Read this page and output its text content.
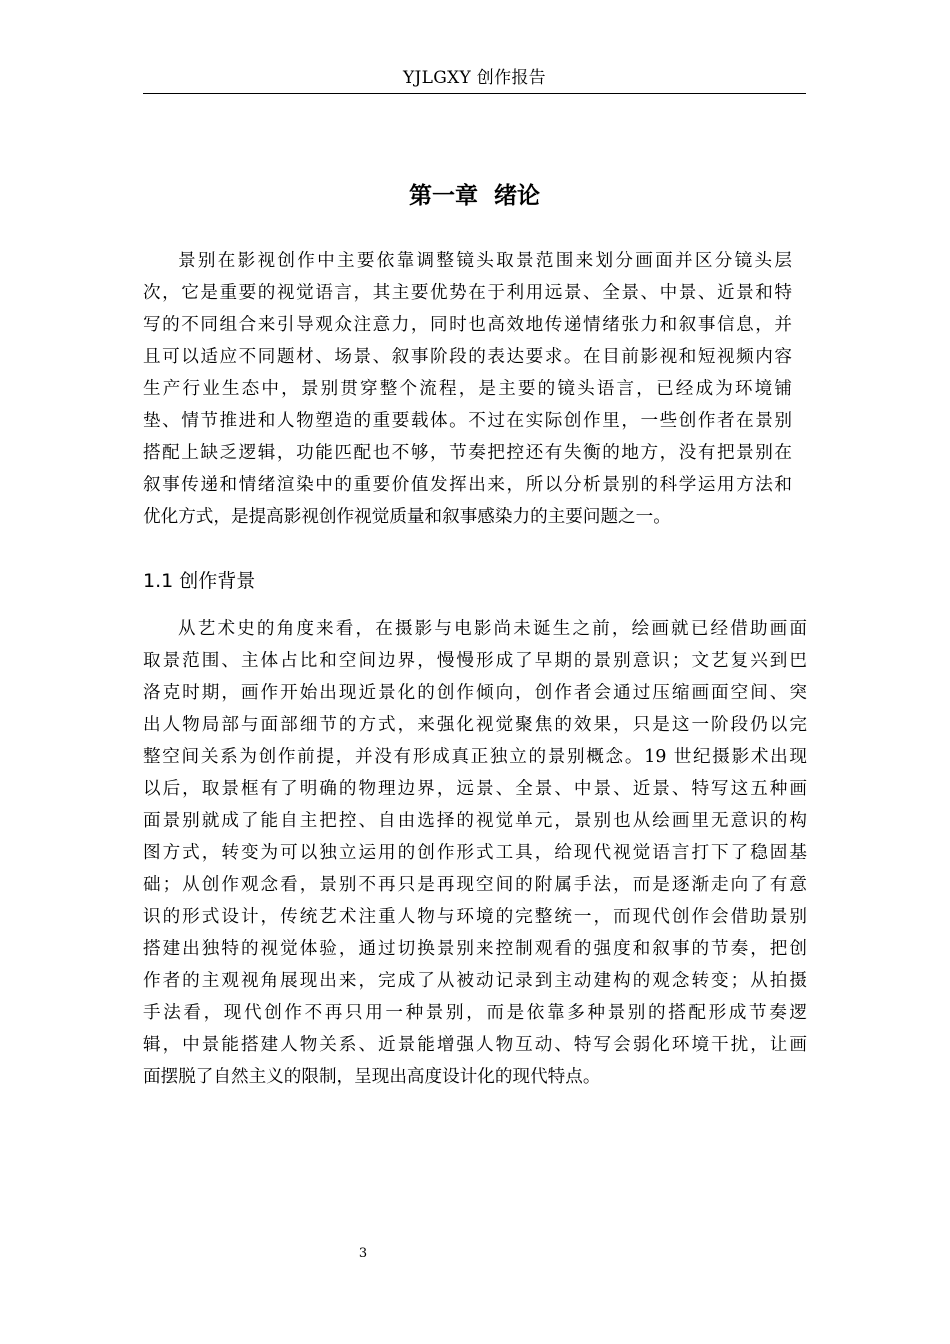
YJLGXY 创作报告
第一章  绪论
景别在影视创作中主要依靠调整镜头取景范围来划分画面并区分镜头层
次，它是重要的视觉语言，其主要优势在于利用远景、全景、中景、近景和特
写的不同组合来引导观众注意力，同时也高效地传递情绪张力和叙事信息，并
且可以适应不同题材、场景、叙事阶段的表达要求。在目前影视和短视频内容
生产行业生态中，景别贯穿整个流程，是主要的镜头语言，已经成为环境铺
垫、情节推进和人物塑造的重要载体。不过在实际创作里，一些创作者在景别
搭配上缺乏逻辑，功能匹配也不够，节奏把控还有失衡的地方，没有把景别在
叙事传递和情绪渲染中的重要价值发挥出来，所以分析景别的科学运用方法和
优化方式，是提高影视创作视觉质量和叙事感染力的主要问题之一。
1.1 创作背景
从艺术史的角度来看，在摄影与电影尚未诞生之前，绘画就已经借助画面
取景范围、主体占比和空间边界，慢慢形成了早期的景别意识；文艺复兴到巴
洛克时期，画作开始出现近景化的创作倾向，创作者会通过压缩画面空间、突
出人物局部与面部细节的方式，来强化视觉聚焦的效果，只是这一阶段仍以完
整空间关系为创作前提，并没有形成真正独立的景别概念。19 世纪摄影术出现
以后，取景框有了明确的物理边界，远景、全景、中景、近景、特写这五种画
面景别就成了能自主把控、自由选择的视觉单元，景别也从绘画里无意识的构
图方式，转变为可以独立运用的创作形式工具，给现代视觉语言打下了稳固基
础；从创作观念看，景别不再只是再现空间的附属手法，而是逐渐走向了有意
识的形式设计，传统艺术注重人物与环境的完整统一，而现代创作会借助景别
搭建出独特的视觉体验，通过切换景别来控制观看的强度和叙事的节奏，把创
作者的主观视角展现出来，完成了从被动记录到主动建构的观念转变；从拍摄
手法看，现代创作不再只用一种景别，而是依靠多种景别的搭配形成节奏逻
辑，中景能搭建人物关系、近景能增强人物互动、特写会弱化环境干扰，让画
面摆脱了自然主义的限制，呈现出高度设计化的现代特点。
3
